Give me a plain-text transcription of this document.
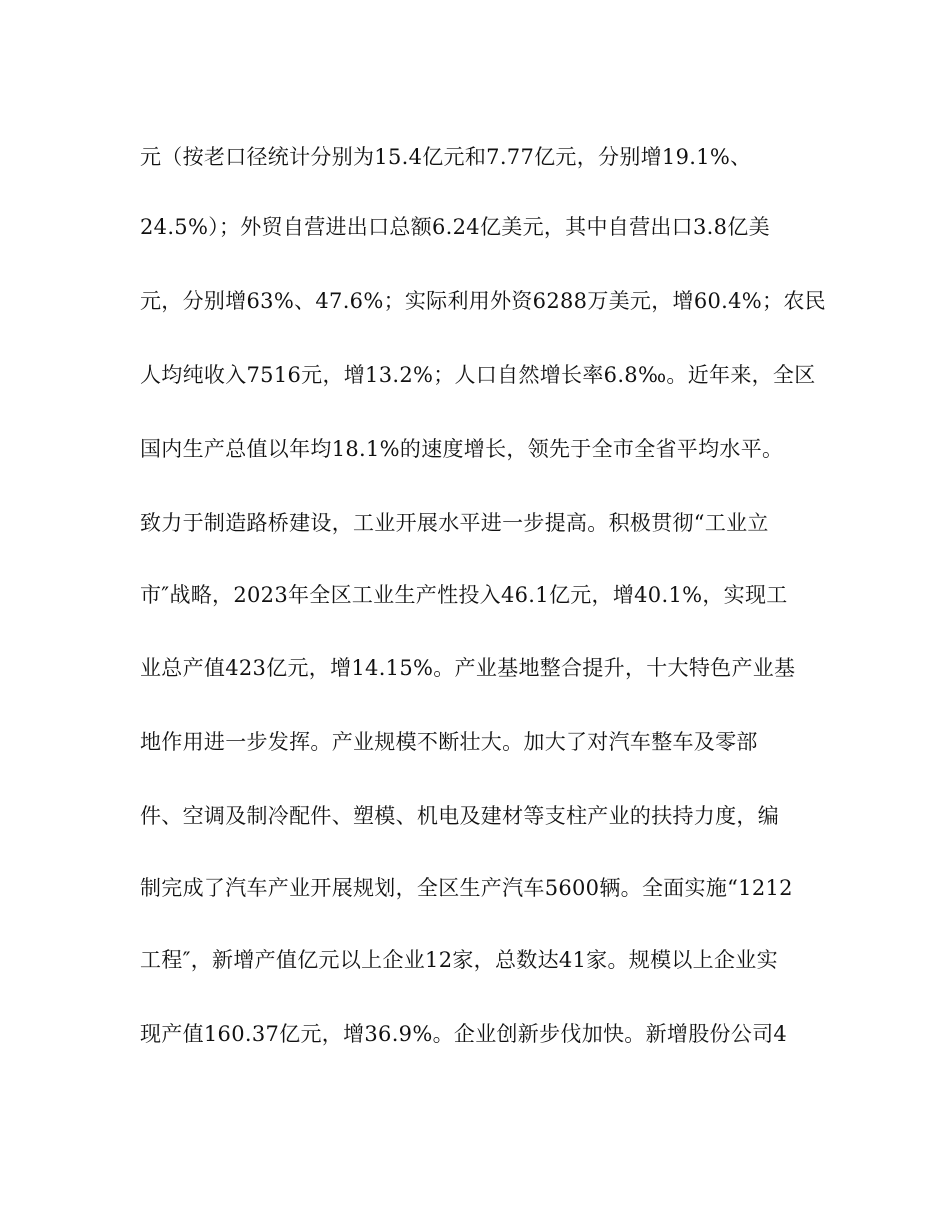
元（按老口径统计分别为15.4亿元和7.77亿元，分别增19.1%、
24.5%）；外贸自营进出口总额6.24亿美元，其中自营出口3.8亿美
元，分别增63%、47.6%；实际利用外资6288万美元，增60.4%；农民
人均纯收入7516元，增13.2%；人口自然增长率6.8‰。近年来，全区
国内生产总值以年均18.1%的速度增长，领先于全市全省平均水平。
致力于制造路桥建设，工业开展水平进一步提高。积极贯彻“工业立
市″战略，2023年全区工业生产性投入46.1亿元，增40.1%，实现工
业总产值423亿元，增14.15%。产业基地整合提升，十大特色产业基
地作用进一步发挥。产业规模不断壮大。加大了对汽车整车及零部
件、空调及制冷配件、塑模、机电及建材等支柱产业的扶持力度，编
制完成了汽车产业开展规划，全区生产汽车5600辆。全面实施“1212
工程″，新增产值亿元以上企业12家，总数达41家。规模以上企业实
现产值160.37亿元，增36.9%。企业创新步伐加快。新增股份公司4
